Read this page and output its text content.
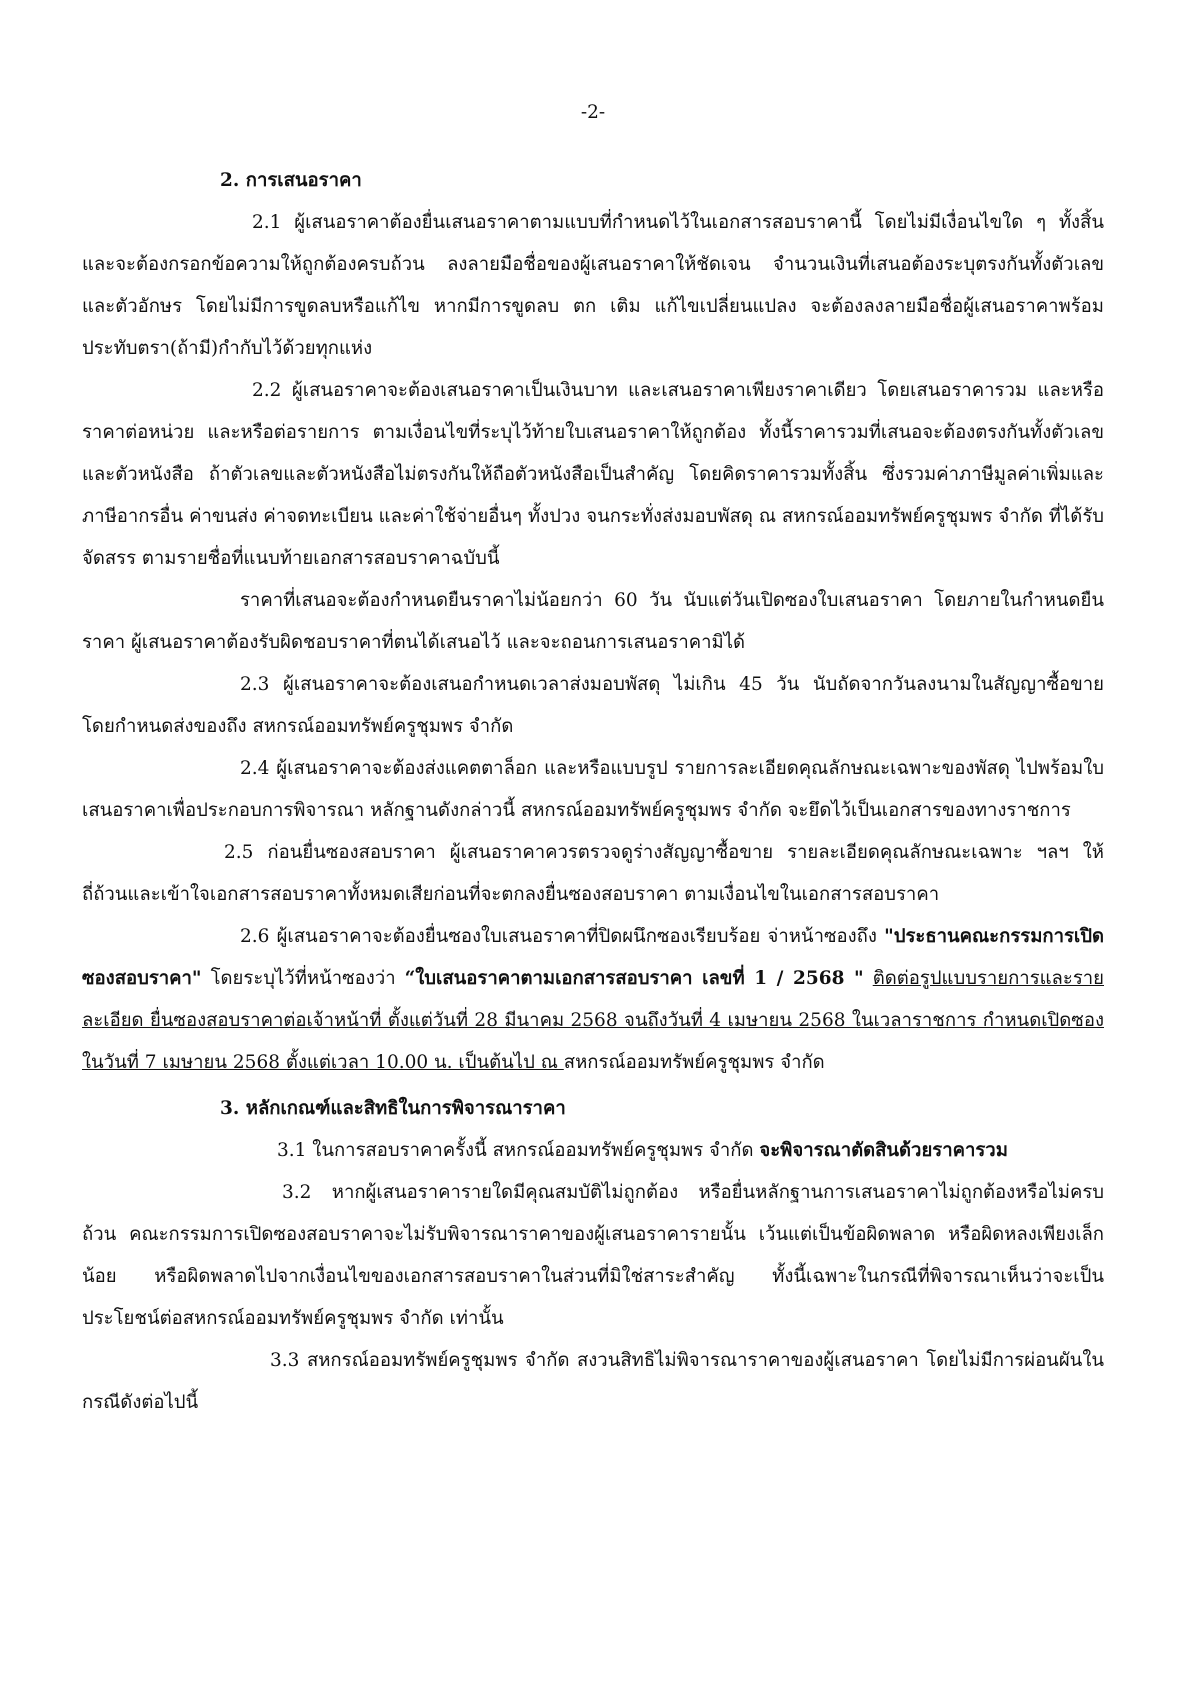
-2-

2. การเสนอราคา

2.1 ผู้เสนอราคาต้องยื่นเสนอราคาตามแบบที่กำหนดไว้ในเอกสารสอบราคานี้ โดยไม่มีเงื่อนไขใด ๆ ทั้งสิ้น และจะต้องกรอกข้อความให้ถูกต้องครบถ้วน ลงลายมือชื่อของผู้เสนอราคาให้ชัดเจน จำนวนเงินที่เสนอต้องระบุตรงกันทั้งตัวเลขและตัวอักษร โดยไม่มีการขูดลบหรือแก้ไข หากมีการขูดลบ ตก เติม แก้ไขเปลี่ยนแปลง จะต้องลงลายมือชื่อผู้เสนอราคาพร้อมประทับตรา(ถ้ามี)กำกับไว้ด้วยทุกแห่ง

2.2 ผู้เสนอราคาจะต้องเสนอราคาเป็นเงินบาท และเสนอราคาเพียงราคาเดียว โดยเสนอราคารวม และหรือราคาต่อหน่วย และหรือต่อรายการ ตามเงื่อนไขที่ระบุไว้ท้ายใบเสนอราคาให้ถูกต้อง ทั้งนี้ราคารวมที่เสนอจะต้องตรงกันทั้งตัวเลขและตัวหนังสือ ถ้าตัวเลขและตัวหนังสือไม่ตรงกันให้ถือตัวหนังสือเป็นสำคัญ โดยคิดราคารวมทั้งสิ้น ซึ่งรวมค่าภาษีมูลค่าเพิ่มและภาษีอากรอื่น ค่าขนส่ง ค่าจดทะเบียน และค่าใช้จ่ายอื่นๆ ทั้งปวง จนกระทั่งส่งมอบพัสดุ ณ สหกรณ์ออมทรัพย์ครูชุมพร จำกัด ที่ได้รับจัดสรร ตามรายชื่อที่แนบท้ายเอกสารสอบราคาฉบับนี้

ราคาที่เสนอจะต้องกำหนดยืนราคาไม่น้อยกว่า 60 วัน นับแต่วันเปิดซองใบเสนอราคา โดยภายในกำหนดยืนราคา ผู้เสนอราคาต้องรับผิดชอบราคาที่ตนได้เสนอไว้ และจะถอนการเสนอราคามิได้

2.3 ผู้เสนอราคาจะต้องเสนอกำหนดเวลาส่งมอบพัสดุ ไม่เกิน 45 วัน นับถัดจากวันลงนามในสัญญาซื้อขาย โดยกำหนดส่งของถึง สหกรณ์ออมทรัพย์ครูชุมพร จำกัด

2.4 ผู้เสนอราคาจะต้องส่งแคตตาล็อก และหรือแบบรูป รายการละเอียดคุณลักษณะเฉพาะของพัสดุ ไปพร้อมใบเสนอราคาเพื่อประกอบการพิจารณา หลักฐานดังกล่าวนี้ สหกรณ์ออมทรัพย์ครูชุมพร จำกัด จะยึดไว้เป็นเอกสารของทางราชการ

2.5 ก่อนยื่นซองสอบราคา ผู้เสนอราคาควรตรวจดูร่างสัญญาซื้อขาย รายละเอียดคุณลักษณะเฉพาะ ฯลฯ ให้ถี่ถ้วนและเข้าใจเอกสารสอบราคาทั้งหมดเสียก่อนที่จะตกลงยื่นซองสอบราคา ตามเงื่อนไขในเอกสารสอบราคา

2.6 ผู้เสนอราคาจะต้องยื่นซองใบเสนอราคาที่ปิดผนึกซองเรียบร้อย จ่าหน้าซองถึง "ประธานคณะกรรมการเปิดซองสอบราคา" โดยระบุไว้ที่หน้าซองว่า “ใบเสนอราคาตามเอกสารสอบราคา เลขที่ 1 / 2568 " ติดต่อรูปแบบรายการและรายละเอียด ยื่นซองสอบราคาต่อเจ้าหน้าที่ ตั้งแต่วันที่ 28 มีนาคม 2568 จนถึงวันที่ 4 เมษายน 2568 ในเวลาราชการ กำหนดเปิดซองในวันที่ 7 เมษายน 2568 ตั้งแต่เวลา 10.00 น. เป็นต้นไป ณ สหกรณ์ออมทรัพย์ครูชุมพร จำกัด

3. หลักเกณฑ์และสิทธิในการพิจารณาราคา

3.1 ในการสอบราคาครั้งนี้ สหกรณ์ออมทรัพย์ครูชุมพร จำกัด จะพิจารณาตัดสินด้วยราคารวม

3.2 หากผู้เสนอราคารายใดมีคุณสมบัติไม่ถูกต้อง หรือยื่นหลักฐานการเสนอราคาไม่ถูกต้องหรือไม่ครบถ้วน คณะกรรมการเปิดซองสอบราคาจะไม่รับพิจารณาราคาของผู้เสนอราคารายนั้น เว้นแต่เป็นข้อผิดพลาด หรือผิดหลงเพียงเล็กน้อย หรือผิดพลาดไปจากเงื่อนไขของเอกสารสอบราคาในส่วนที่มิใช่สาระสำคัญ ทั้งนี้เฉพาะในกรณีที่พิจารณาเห็นว่าจะเป็นประโยชน์ต่อสหกรณ์ออมทรัพย์ครูชุมพร จำกัด เท่านั้น

3.3 สหกรณ์ออมทรัพย์ครูชุมพร จำกัด สงวนสิทธิไม่พิจารณาราคาของผู้เสนอราคา โดยไม่มีการผ่อนผันในกรณีดังต่อไปนี้
